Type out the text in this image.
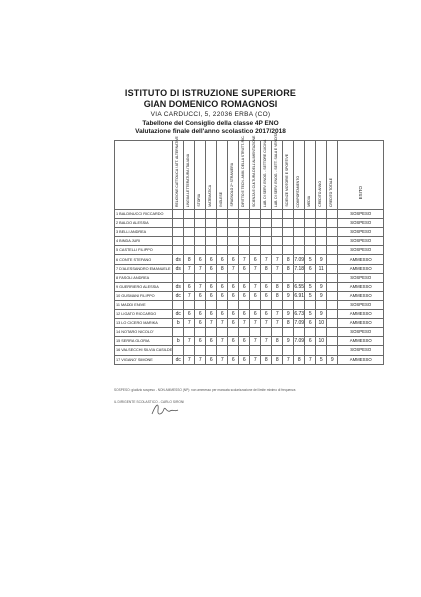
ISTITUTO DI ISTRUZIONE SUPERIORE
GIAN DOMENICO ROMAGNOSI
VIA CARDUCCI, 5, 22036 ERBA (CO)
Tabellone del Consiglio della classe 4P ENO
Valutazione finale dell'anno scolastico 2017/2018

	RELIGIONE CATTOLICA / ATT. ALTERNATIVE	LINGUA LETTERATURA ITALIANA	STORIA	MATEMATICA	INGLESE	SPAGNOLO 2^ STRANIERA	DIRITTO E TECN. AMM. DELLA STRUTT. RIC.	SCIENZA E CULTURA DELL'ALIMENTAZIONE	LAB. DI SERV. ENOG. - SETTORE CUCINA	LAB. DI SERV. ENOG. - SETT. SALA E VENDITA	SCIENZE MOTORIE E SPORTIVE	COMPORTAMENTO	MEDIA	CREDITO ANNO	CREDITO TOTALE	ESITO

1 BALDINUCCI RICCARDO																SOSPESO
2 BALDO ALESSIA																SOSPESO
3 BELLI ANDREA																SOSPESO
4 BINDA JURI																SOSPESO
5 CASTELLI FILIPPO																SOSPESO
6 CONTE STEFANO	ds	8	6	6	6	6	7	6	7	7	8	7.09	5	9		AMMESSO
7 D'ALESSANDRO EMANUELE	ds	7	7	6	8	7	6	7	8	7	8	7.18	6	11		AMMESSO
8 FASOLI ANDREA																SOSPESO
9 GUERRIERO ALESSIA	ds	6	7	6	6	6	6	7	6	8	8	6.55	5	9		AMMESSO
10 GUSMANI FILIPPO	dc	7	6	6	6	6	6	6	6	8	9	6.91	5	9		AMMESSO
11 MADDI ENIVE																SOSPESO
12 LIGATO RICCARDO	dc	6	6	6	6	6	6	6	6	7	9	6.73	5	9		AMMESSO
13 LO CICERO MARIKA	b	7	6	7	7	6	7	7	7	7	8	7.09	6	10		AMMESSO
14 NOTARO NICOLO'																SOSPESO
15 SERRA GLORIA	b	7	6	6	7	6	6	7	7	8	9	7.09	6	10		AMMESSO
16 VALSECCHI SILVIA CASILDE																SOSPESO
17 VIGANO' SIMONE	dc	7	7	6	7	6	6	7	8	8	7	8	7	5	9	AMMESSO
SOSPESO: giudizio sospeso - NON AMMESSO (NP): non ammesso per mancata scolarizzazione del limite minimo di frequenza
IL DIRIGENTE SCOLASTICO - CARLO SIRONI
